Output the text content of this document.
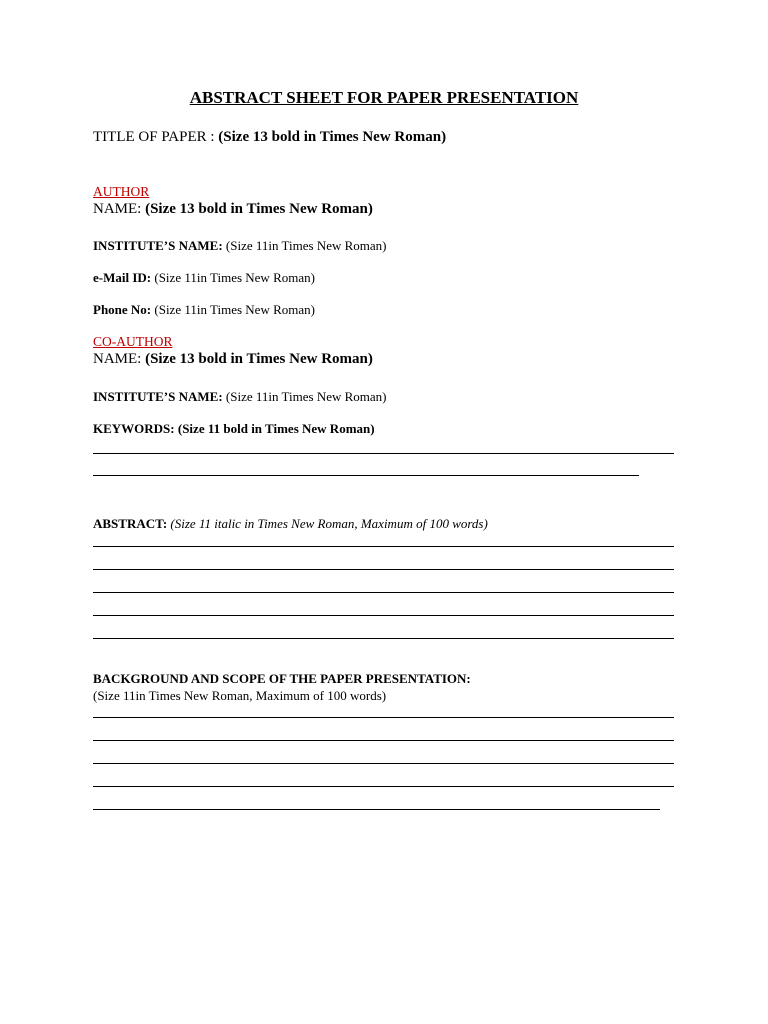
ABSTRACT SHEET FOR PAPER PRESENTATION
TITLE OF PAPER : (Size 13 bold in Times New Roman)
AUTHOR
NAME: (Size 13 bold in Times New Roman)
INSTITUTE’S NAME: (Size 11in Times New Roman)
e-Mail ID: (Size 11in Times New Roman)
Phone No: (Size 11in Times New Roman)
CO-AUTHOR
NAME: (Size 13 bold in Times New Roman)
INSTITUTE’S NAME: (Size 11in Times New Roman)
KEYWORDS: (Size 11 bold in Times New Roman)
ABSTRACT: (Size 11 italic in Times New Roman, Maximum of 100 words)
BACKGROUND AND SCOPE OF THE PAPER PRESENTATION:
(Size 11in Times New Roman, Maximum of 100 words)
